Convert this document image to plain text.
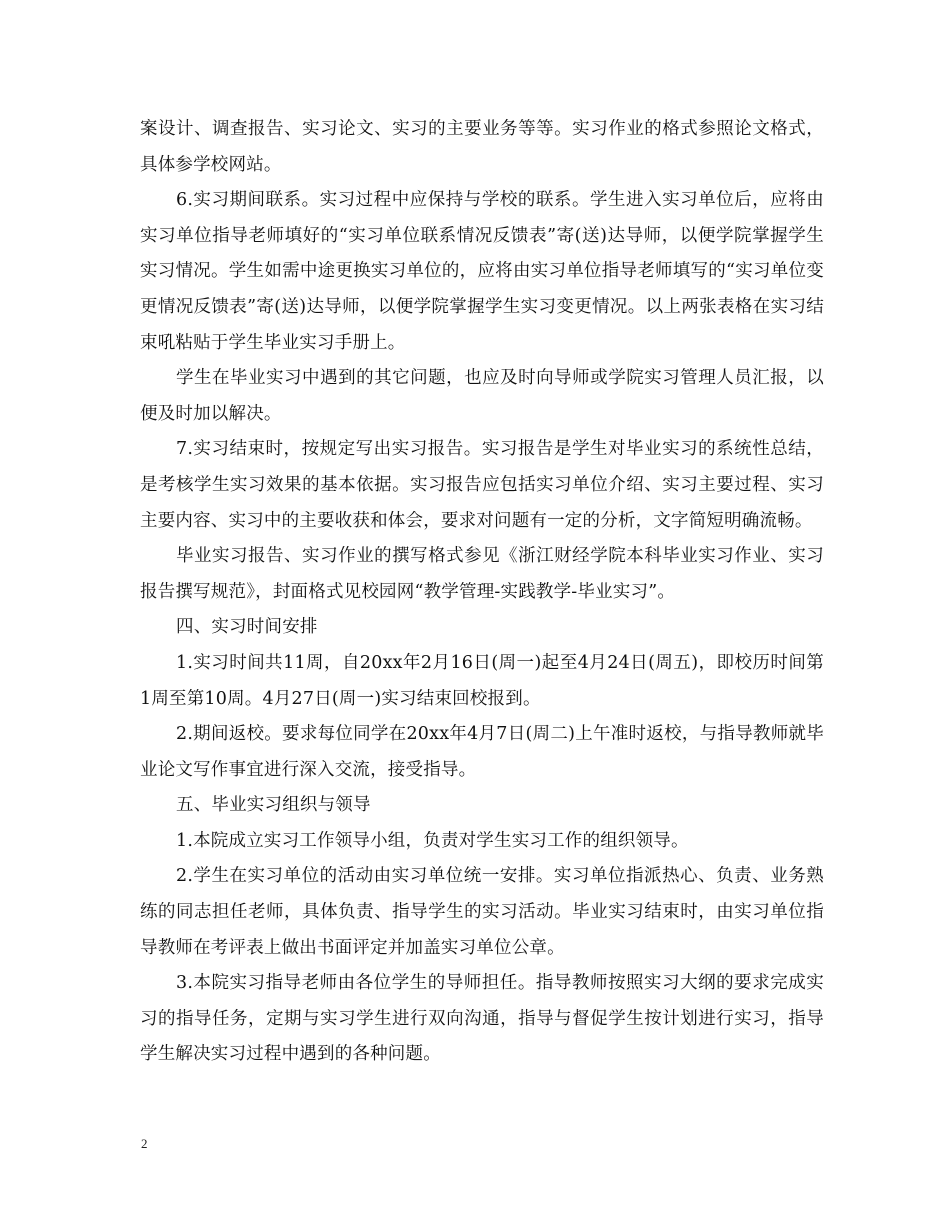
案设计、调查报告、实习论文、实习的主要业务等等。实习作业的格式参照论文格式，具体参学校网站。

6.实习期间联系。实习过程中应保持与学校的联系。学生进入实习单位后，应将由实习单位指导老师填好的“实习单位联系情况反馈表”寄(送)达导师，以便学院掌握学生实习情况。学生如需中途更换实习单位的，应将由实习单位指导老师填写的“实习单位变更情况反馈表”寄(送)达导师，以便学院掌握学生实习变更情况。以上两张表格在实习结束吼粘贴于学生毕业实习手册上。

学生在毕业实习中遇到的其它问题，也应及时向导师或学院实习管理人员汇报，以便及时加以解决。

7.实习结束时，按规定写出实习报告。实习报告是学生对毕业实习的系统性总结，是考核学生实习效果的基本依据。实习报告应包括实习单位介绍、实习主要过程、实习主要内容、实习中的主要收获和体会，要求对问题有一定的分析，文字简短明确流畅。

毕业实习报告、实习作业的撰写格式参见《浙江财经学院本科毕业实习作业、实习报告撰写规范》，封面格式见校园网“教学管理-实践教学-毕业实习”。

四、实习时间安排

1.实习时间共11周，自20xx年2月16日(周一)起至4月24日(周五)，即校历时间第1周至第10周。4月27日(周一)实习结束回校报到。

2.期间返校。要求每位同学在20xx年4月7日(周二)上午准时返校，与指导教师就毕业论文写作事宜进行深入交流，接受指导。

五、毕业实习组织与领导

1.本院成立实习工作领导小组，负责对学生实习工作的组织领导。

2.学生在实习单位的活动由实习单位统一安排。实习单位指派热心、负责、业务熟练的同志担任老师，具体负责、指导学生的实习活动。毕业实习结束时，由实习单位指导教师在考评表上做出书面评定并加盖实习单位公章。

3.本院实习指导老师由各位学生的导师担任。指导教师按照实习大纲的要求完成实习的指导任务，定期与实习学生进行双向沟通，指导与督促学生按计划进行实习，指导学生解决实习过程中遇到的各种问题。

2
